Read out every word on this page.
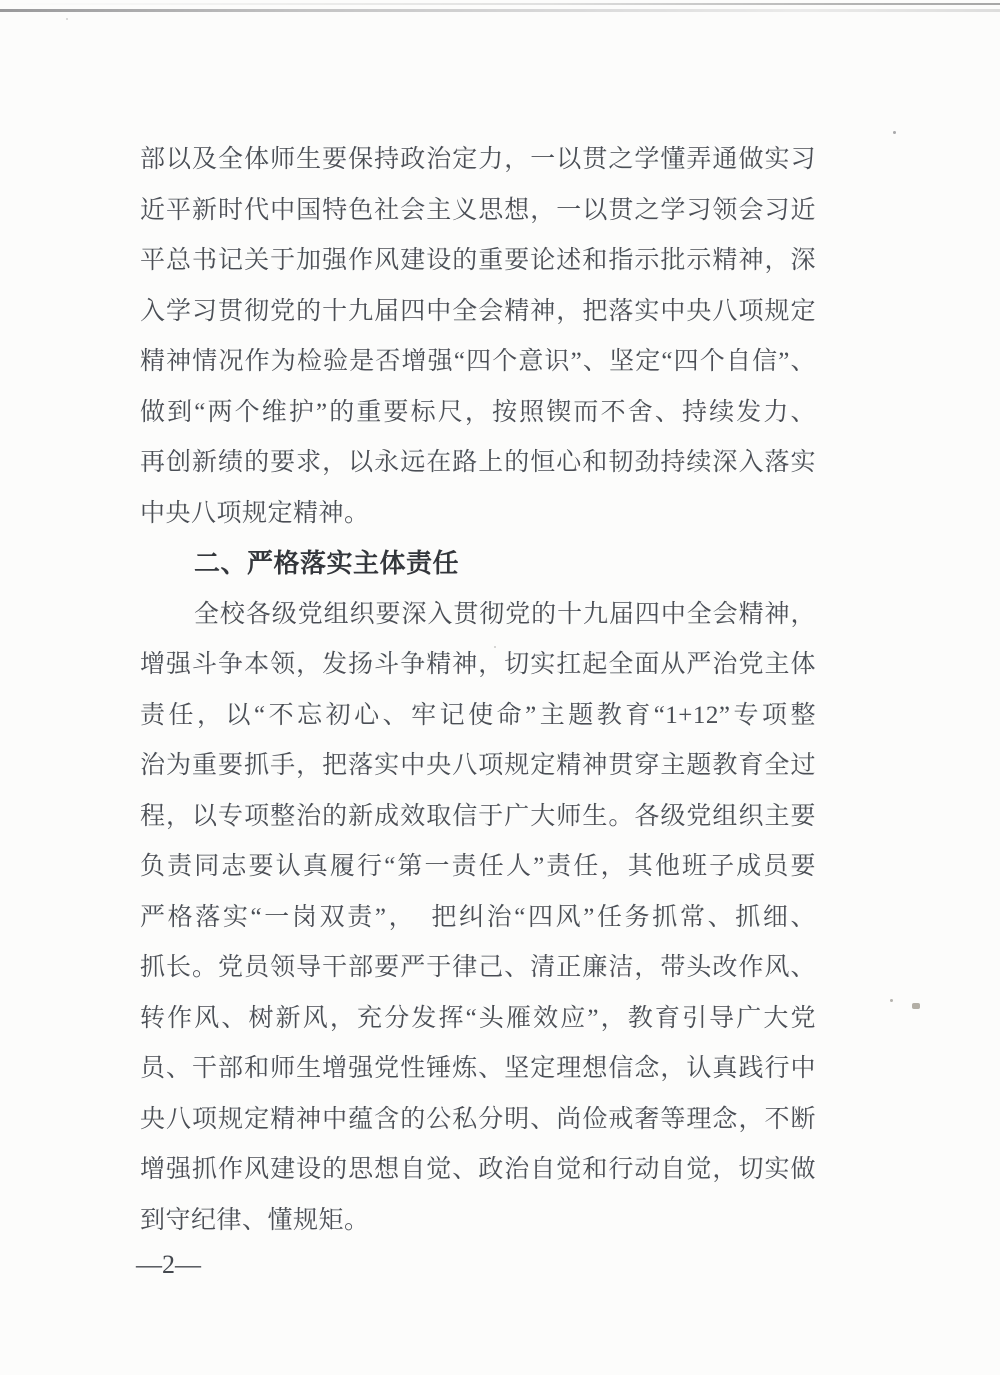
部以及全体师生要保持政治定力，一以贯之学懂弄通做实习
近平新时代中国特色社会主义思想，一以贯之学习领会习近
平总书记关于加强作风建设的重要论述和指示批示精神，深
入学习贯彻党的十九届四中全会精神，把落实中央八项规定
精神情况作为检验是否增强“四个意识”、坚定“四个自信”、
做到“两个维护”的重要标尺，按照锲而不舍、持续发力、
再创新绩的要求，以永远在路上的恒心和韧劲持续深入落实
中央八项规定精神。
二、严格落实主体责任
全校各级党组织要深入贯彻党的十九届四中全会精神，
增强斗争本领，发扬斗争精神，切实扛起全面从严治党主体
责任，以“不忘初心、牢记使命”主题教育“1+12”专项整
治为重要抓手，把落实中央八项规定精神贯穿主题教育全过
程，以专项整治的新成效取信于广大师生。各级党组织主要
负责同志要认真履行“第一责任人”责任，其他班子成员要
严格落实“一岗双责”，　把纠治“四风”任务抓常、抓细、
抓长。党员领导干部要严于律己、清正廉洁，带头改作风、
转作风、树新风，充分发挥“头雁效应”，教育引导广大党
员、干部和师生增强党性锤炼、坚定理想信念，认真践行中
央八项规定精神中蕴含的公私分明、尚俭戒奢等理念，不断
增强抓作风建设的思想自觉、政治自觉和行动自觉，切实做
到守纪律、懂规矩。
—2—
